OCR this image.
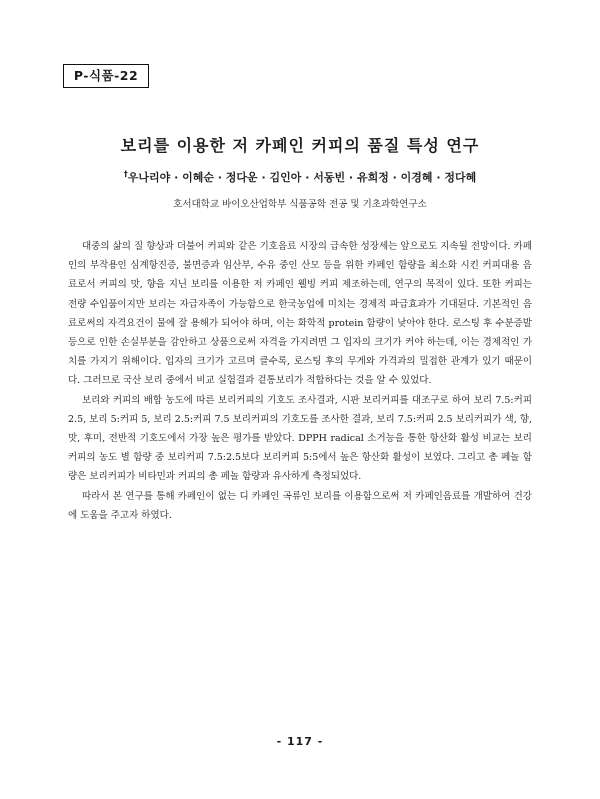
P-식품-22
보리를 이용한 저 카페인 커피의 품질 특성 연구
†우나리야 · 이혜순 · 정다운 · 김인아 · 서동빈 · 유희정 · 이경혜 · 정다혜
호서대학교 바이오산업학부 식품공학 전공 및 기초과학연구소

대중의 삶의 질 향상과 더불어 커피와 같은 기호음료 시장의 급속한 성장세는 앞으로도 지속될 전망이다. 카페인의 부작용인 심계항진증, 불면증과 임산부, 수유 중인 산모 등을 위한 카페인 함량을 최소화 시킨 커피대용 음료로서 커피의 맛, 향을 지닌 보리를 이용한 저 카페인 웰빙 커피 제조하는데, 연구의 목적이 있다. 또한 커피는 전량 수입품이지만 보리는 자급자족이 가능함으로 한국농업에 미치는 경제적 파급효과가 기대된다. 기본적인 음료로써의 자격요건이 물에 잘 용해가 되어야 하며, 이는 화학적 protein 함량이 낮아야 한다. 로스팅 후 수분증발 등으로 인한 손실부분을 감안하고 상품으로써 자격을 가지려면 그 입자의 크기가 커야 하는데, 이는 경제적인 가치를 가지기 위해이다. 입자의 크기가 고르며 클수록, 로스팅 후의 무게와 가격과의 밀접한 관계가 있기 때문이다. 그러므로 국산 보리 중에서 비교 실험결과 겉통보리가 적합하다는 것을 알 수 있었다.

보리와 커피의 배합 농도에 따른 보리커피의 기호도 조사결과, 시판 보리커피를 대조구로 하여 보리 7.5:커피 2.5, 보리 5:커피 5, 보리 2.5:커피 7.5 보리커피의 기호도를 조사한 결과, 보리 7.5:커피 2.5 보리커피가 색, 향, 맛, 후미, 전반적 기호도에서 가장 높은 평가를 받았다. DPPH radical 소거능을 통한 항산화 활성 비교는 보리커피의 농도 별 함량 중 보리커피 7.5:2.5보다 보리커피 5:5에서 높은 항산화 활성이 보였다. 그리고 총 페놀 함량은 보리커피가 비타민과 커피의 총 페놀 함량과 유사하게 측정되었다.

따라서 본 연구를 통해 카페인이 없는 디 카페인 곡류인 보리를 이용함으로써 저 카페인음료를 개발하여 건강에 도움을 주고자 하였다.

- 117 -
